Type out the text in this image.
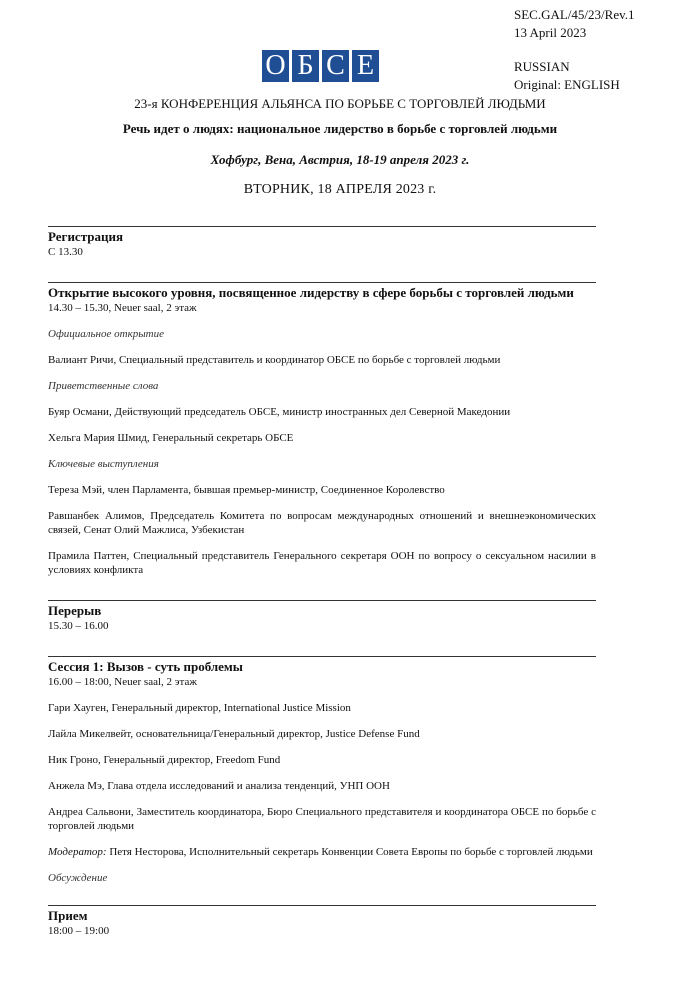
SEC.GAL/45/23/Rev.1
13 April 2023
RUSSIAN
Original: ENGLISH
О Б С Е
23-я КОНФЕРЕНЦИЯ АЛЬЯНСА ПО БОРЬБЕ С ТОРГОВЛЕЙ ЛЮДЬМИ
Речь идет о людях: национальное лидерство в борьбе с торговлей людьми
Хофбург, Вена, Австрия, 18-19 апреля 2023 г.
ВТОРНИК, 18 АПРЕЛЯ 2023 г.
Регистрация
С 13.30
Открытие высокого уровня, посвященное лидерству в сфере борьбы с торговлей людьми
14.30 – 15.30, Neuer saal, 2 этаж
Официальное открытие
Валиант Ричи, Специальный представитель и координатор ОБСЕ по борьбе с торговлей людьми
Приветственные слова
Буяр Османи, Действующий председатель ОБСЕ, министр иностранных дел Северной Македонии
Хельга Мария Шмид, Генеральный секретарь ОБСЕ
Ключевые выступления
Тереза Мэй, член Парламента, бывшая премьер-министр, Соединенное Королевство
Равшанбек Алимов, Председатель Комитета по вопросам международных отношений и внешнеэкономических связей, Сенат Олий Мажлиса, Узбекистан
Прамила Паттен, Специальный представитель Генерального секретаря ООН по вопросу о сексуальном насилии в условиях конфликта
Перерыв
15.30 – 16.00
Сессия 1: Вызов - суть проблемы
16.00 – 18:00, Neuer saal, 2 этаж
Гари Хауген, Генеральный директор, International Justice Mission
Лайла Микелвейт, основательница/Генеральный директор, Justice Defense Fund
Ник Гроно, Генеральный директор, Freedom Fund
Анжела Мэ, Глава отдела исследований и анализа тенденций, УНП ООН
Андреа Сальвони, Заместитель координатора, Бюро Специального представителя и координатора ОБСЕ по борьбе с торговлей людьми
Модератор: Петя Несторова, Исполнительный секретарь Конвенции Совета Европы по борьбе с торговлей людьми
Обсуждение
Прием
18:00 – 19:00
